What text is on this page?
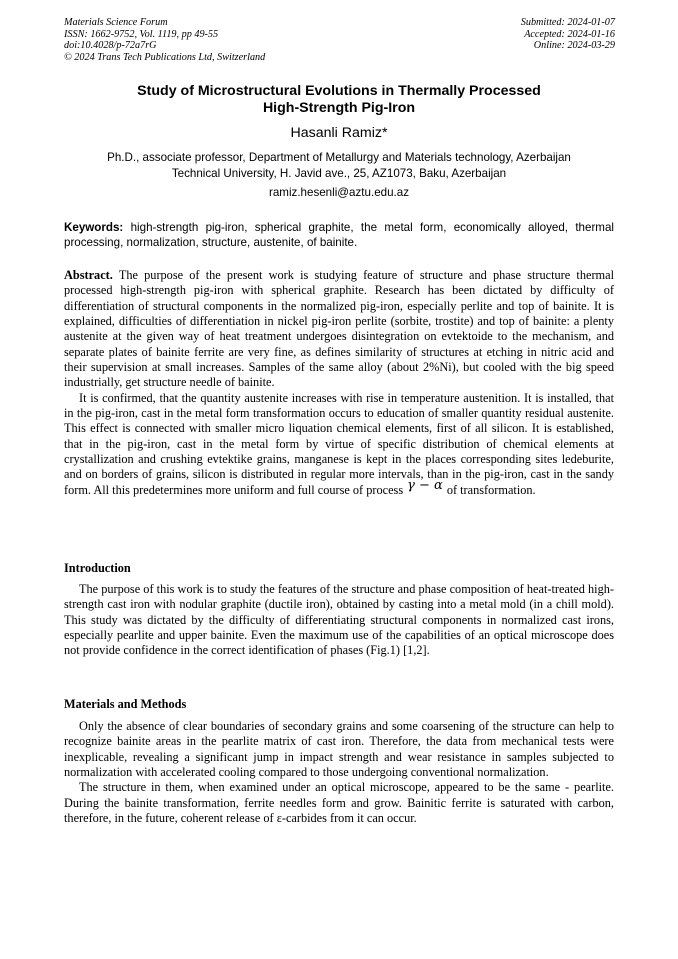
Materials Science Forum
ISSN: 1662-9752, Vol. 1119, pp 49-55
doi:10.4028/p-72a7rG
© 2024 Trans Tech Publications Ltd, Switzerland
Submitted: 2024-01-07
Accepted: 2024-01-16
Online: 2024-03-29
Study of Microstructural Evolutions in Thermally Processed
High-Strength Pig-Iron
Hasanli Ramiz*
Ph.D., associate professor, Department of Metallurgy and Materials technology, Azerbaijan
Technical University, H. Javid ave., 25, AZ1073, Baku, Azerbaijan
ramiz.hesenli@aztu.edu.az
Keywords: high-strength pig-iron, spherical graphite, the metal form, economically alloyed, thermal processing, normalization, structure, austenite, of bainite.

Abstract. The purpose of the present work is studying feature of structure and phase structure thermal processed high-strength pig-iron with spherical graphite. Research has been dictated by difficulty of differentiation of structural components in the normalized pig-iron, especially perlite and top of bainite. It is explained, difficulties of differentiation in nickel pig-iron perlite (sorbite, trostite) and top of bainite: a plenty austenite at the given way of heat treatment undergoes disintegration on evtektoide to the mechanism, and separate plates of bainite ferrite are very fine, as defines similarity of structures at etching in nitric acid and their supervision at small increases. Samples of the same alloy (about 2%Ni), but cooled with the big speed industrially, get structure needle of bainite.

It is confirmed, that the quantity austenite increases with rise in temperature austenition. It is installed, that in the pig-iron, cast in the metal form transformation occurs to education of smaller quantity residual austenite. This effect is connected with smaller micro liquation chemical elements, first of all silicon. It is established, that in the pig-iron, cast in the metal form by virtue of specific distribution of chemical elements at crystallization and crushing evtektike grains, manganese is kept in the places corresponding sites ledeburite, and on borders of grains, silicon is distributed in regular more intervals, than in the pig-iron, cast in the sandy form. All this predetermines more uniform and full course of process γ − α of transformation.

Introduction

The purpose of this work is to study the features of the structure and phase composition of heat-treated high-strength cast iron with nodular graphite (ductile iron), obtained by casting into a metal mold (in a chill mold). This study was dictated by the difficulty of differentiating structural components in normalized cast irons, especially pearlite and upper bainite. Even the maximum use of the capabilities of an optical microscope does not provide confidence in the correct identification of phases (Fig.1) [1,2].

Materials and Methods

Only the absence of clear boundaries of secondary grains and some coarsening of the structure can help to recognize bainite areas in the pearlite matrix of cast iron. Therefore, the data from mechanical tests were inexplicable, revealing a significant jump in impact strength and wear resistance in samples subjected to normalization with accelerated cooling compared to those undergoing conventional normalization.

The structure in them, when examined under an optical microscope, appeared to be the same - pearlite. During the bainite transformation, ferrite needles form and grow. Bainitic ferrite is saturated with carbon, therefore, in the future, coherent release of ε-carbides from it can occur.
